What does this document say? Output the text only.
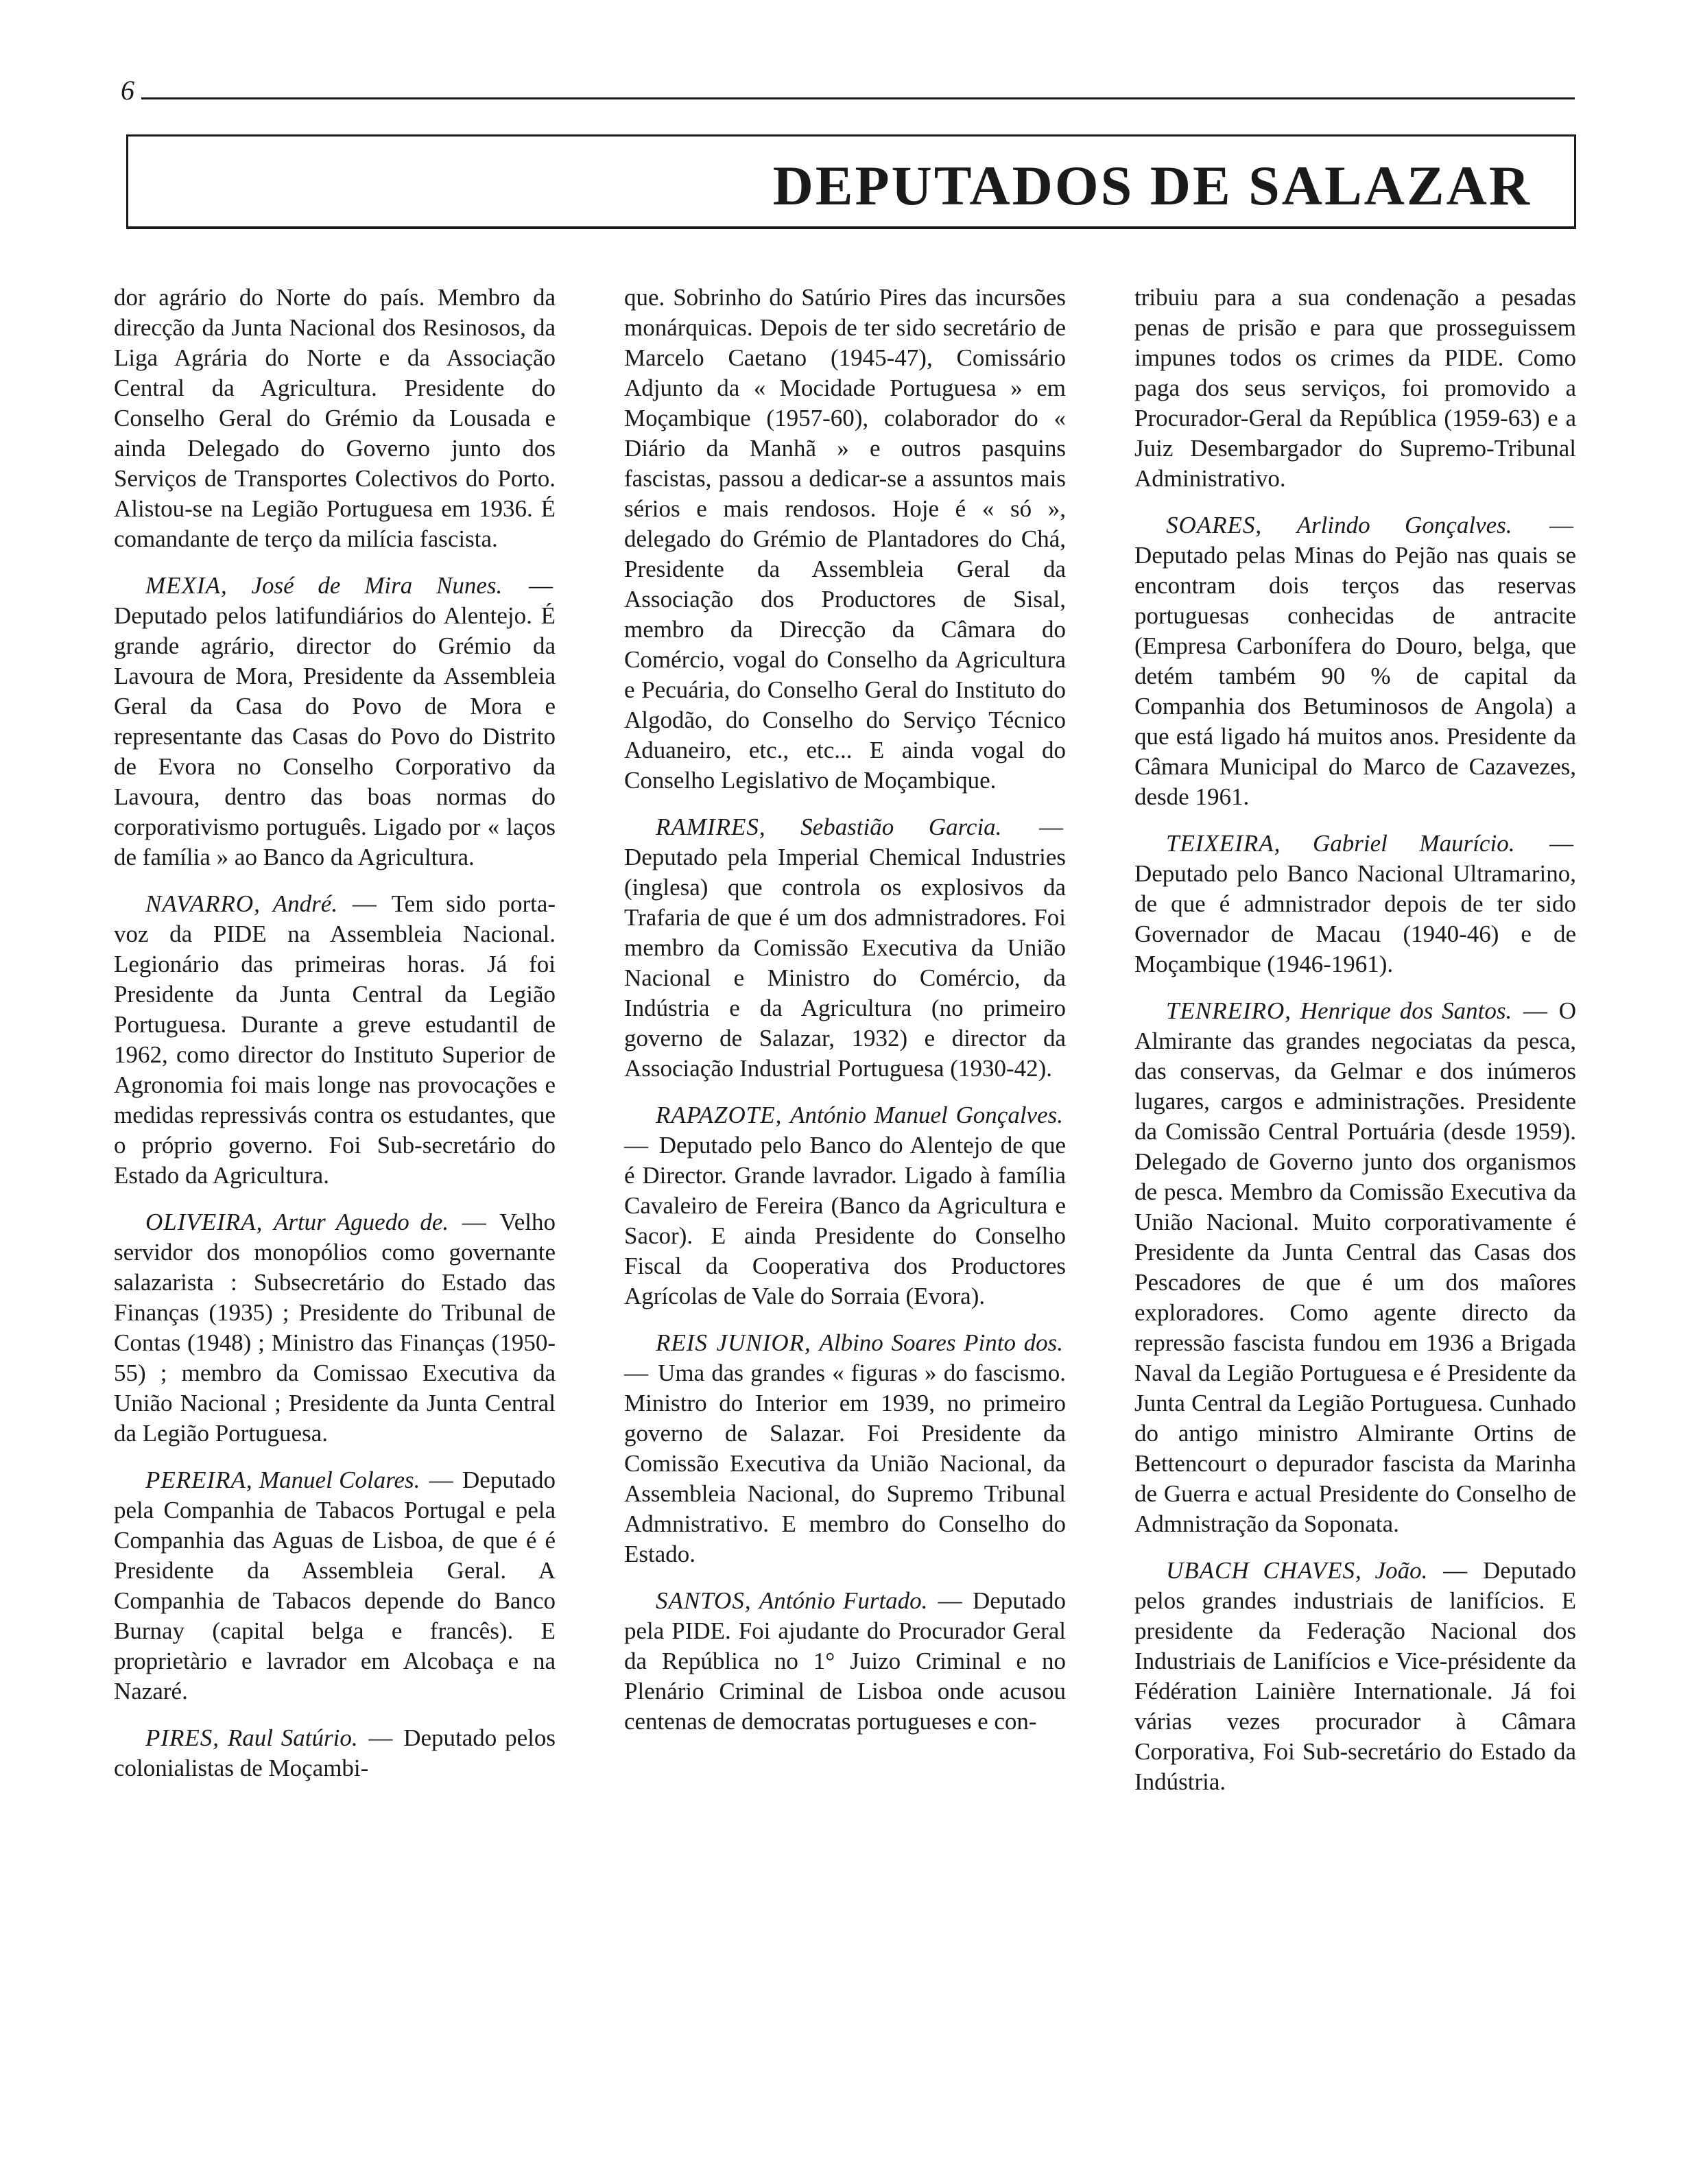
6
DEPUTADOS DE SALAZAR

dor agrário do Norte do país. Membro da direcção da Junta Nacional dos Resinosos, da Liga Agrária do Norte e da Associação Central da Agricultura. Presidente do Conselho Geral do Grémio da Lousada e ainda Delegado do Governo junto dos Serviços de Transportes Colectivos do Porto. Alistou-se na Legião Portuguesa em 1936. É comandante de terço da milícia fascista.

MEXIA, José de Mira Nunes. — Deputado pelos latifundiários do Alentejo. É grande agrário, director do Grémio da Lavoura de Mora, Presidente da Assembleia Geral da Casa do Povo de Mora e representante das Casas do Povo do Distrito de Evora no Conselho Corporativo da Lavoura, dentro das boas normas do corporativismo português. Ligado por « laços de família » ao Banco da Agricultura.

NAVARRO, André. — Tem sido porta-voz da PIDE na Assembleia Nacional. Legionário das primeiras horas. Já foi Presidente da Junta Central da Legião Portuguesa. Durante a greve estudantil de 1962, como director do Instituto Superior de Agronomia foi mais longe nas provocações e medidas repressivás contra os estudantes, que o próprio governo. Foi Sub-secretário do Estado da Agricultura.

OLIVEIRA, Artur Aguedo de. — Velho servidor dos monopólios como governante salazarista : Subsecretário do Estado das Finanças (1935) ; Presidente do Tribunal de Contas (1948) ; Ministro das Finanças (1950-55) ; membro da Comissao Executiva da União Nacional ; Presidente da Junta Central da Legião Portuguesa.

PEREIRA, Manuel Colares. — Deputado pela Companhia de Tabacos Portugal e pela Companhia das Aguas de Lisboa, de que é é Presidente da Assembleia Geral. A Companhia de Tabacos depende do Banco Burnay (capital belga e francês). E proprietàrio e lavrador em Alcobaça e na Nazaré.

PIRES, Raul Satúrio. — Deputado pelos colonialistas de Moçambi-

que. Sobrinho do Satúrio Pires das incursões monárquicas. Depois de ter sido secretário de Marcelo Caetano (1945-47), Comissário Adjunto da « Mocidade Portuguesa » em Moçambique (1957-60), colaborador do « Diário da Manhã » e outros pasquins fascistas, passou a dedicar-se a assuntos mais sérios e mais rendosos. Hoje é « só », delegado do Grémio de Plantadores do Chá, Presidente da Assembleia Geral da Associação dos Productores de Sisal, membro da Direcção da Câmara do Comércio, vogal do Conselho da Agricultura e Pecuária, do Conselho Geral do Instituto do Algodão, do Conselho do Serviço Técnico Aduaneiro, etc., etc... E ainda vogal do Conselho Legislativo de Moçambique.

RAMIRES, Sebastião Garcia. — Deputado pela Imperial Chemical Industries (inglesa) que controla os explosivos da Trafaria de que é um dos admnistradores. Foi membro da Comissão Executiva da União Nacional e Ministro do Comércio, da Indústria e da Agricultura (no primeiro governo de Salazar, 1932) e director da Associação Industrial Portuguesa (1930-42).

RAPAZOTE, António Manuel Gonçalves. — Deputado pelo Banco do Alentejo de que é Director. Grande lavrador. Ligado à família Cavaleiro de Fereira (Banco da Agricultura e Sacor). E ainda Presidente do Conselho Fiscal da Cooperativa dos Productores Agrícolas de Vale do Sorraia (Evora).

REIS JUNIOR, Albino Soares Pinto dos. — Uma das grandes « figuras » do fascismo. Ministro do Interior em 1939, no primeiro governo de Salazar. Foi Presidente da Comissão Executiva da União Nacional, da Assembleia Nacional, do Supremo Tribunal Admnistrativo. E membro do Conselho do Estado.

SANTOS, António Furtado. — Deputado pela PIDE. Foi ajudante do Procurador Geral da República no 1° Juizo Criminal e no Plenário Criminal de Lisboa onde acusou centenas de democratas portugueses e con-

tribuiu para a sua condenação a pesadas penas de prisão e para que prosseguissem impunes todos os crimes da PIDE. Como paga dos seus serviços, foi promovido a Procurador-Geral da República (1959-63) e a Juiz Desembargador do Supremo-Tribunal Administrativo.

SOARES, Arlindo Gonçalves. — Deputado pelas Minas do Pejão nas quais se encontram dois terços das reservas portuguesas conhecidas de antracite (Empresa Carbonífera do Douro, belga, que detém também 90 % de capital da Companhia dos Betuminosos de Angola) a que está ligado há muitos anos. Presidente da Câmara Municipal do Marco de Cazavezes, desde 1961.

TEIXEIRA, Gabriel Maurício. — Deputado pelo Banco Nacional Ultramarino, de que é admnistrador depois de ter sido Governador de Macau (1940-46) e de Moçambique (1946-1961).

TENREIRO, Henrique dos Santos. — O Almirante das grandes negociatas da pesca, das conservas, da Gelmar e dos inúmeros lugares, cargos e administrações. Presidente da Comissão Central Portuária (desde 1959). Delegado de Governo junto dos organismos de pesca. Membro da Comissão Executiva da União Nacional. Muito corporativamente é Presidente da Junta Central das Casas dos Pescadores de que é um dos maîores exploradores. Como agente directo da repressão fascista fundou em 1936 a Brigada Naval da Legião Portuguesa e é Presidente da Junta Central da Legião Portuguesa. Cunhado do antigo ministro Almirante Ortins de Bettencourt o depurador fascista da Marinha de Guerra e actual Presidente do Conselho de Admnistração da Soponata.

UBACH CHAVES, João. — Deputado pelos grandes industriais de lanifícios. E presidente da Federação Nacional dos Industriais de Lanifícios e Vice-présidente da Fédération Lainière Internationale. Já foi várias vezes procurador à Câmara Corporativa, Foi Sub-secretário do Estado da Indústria.
